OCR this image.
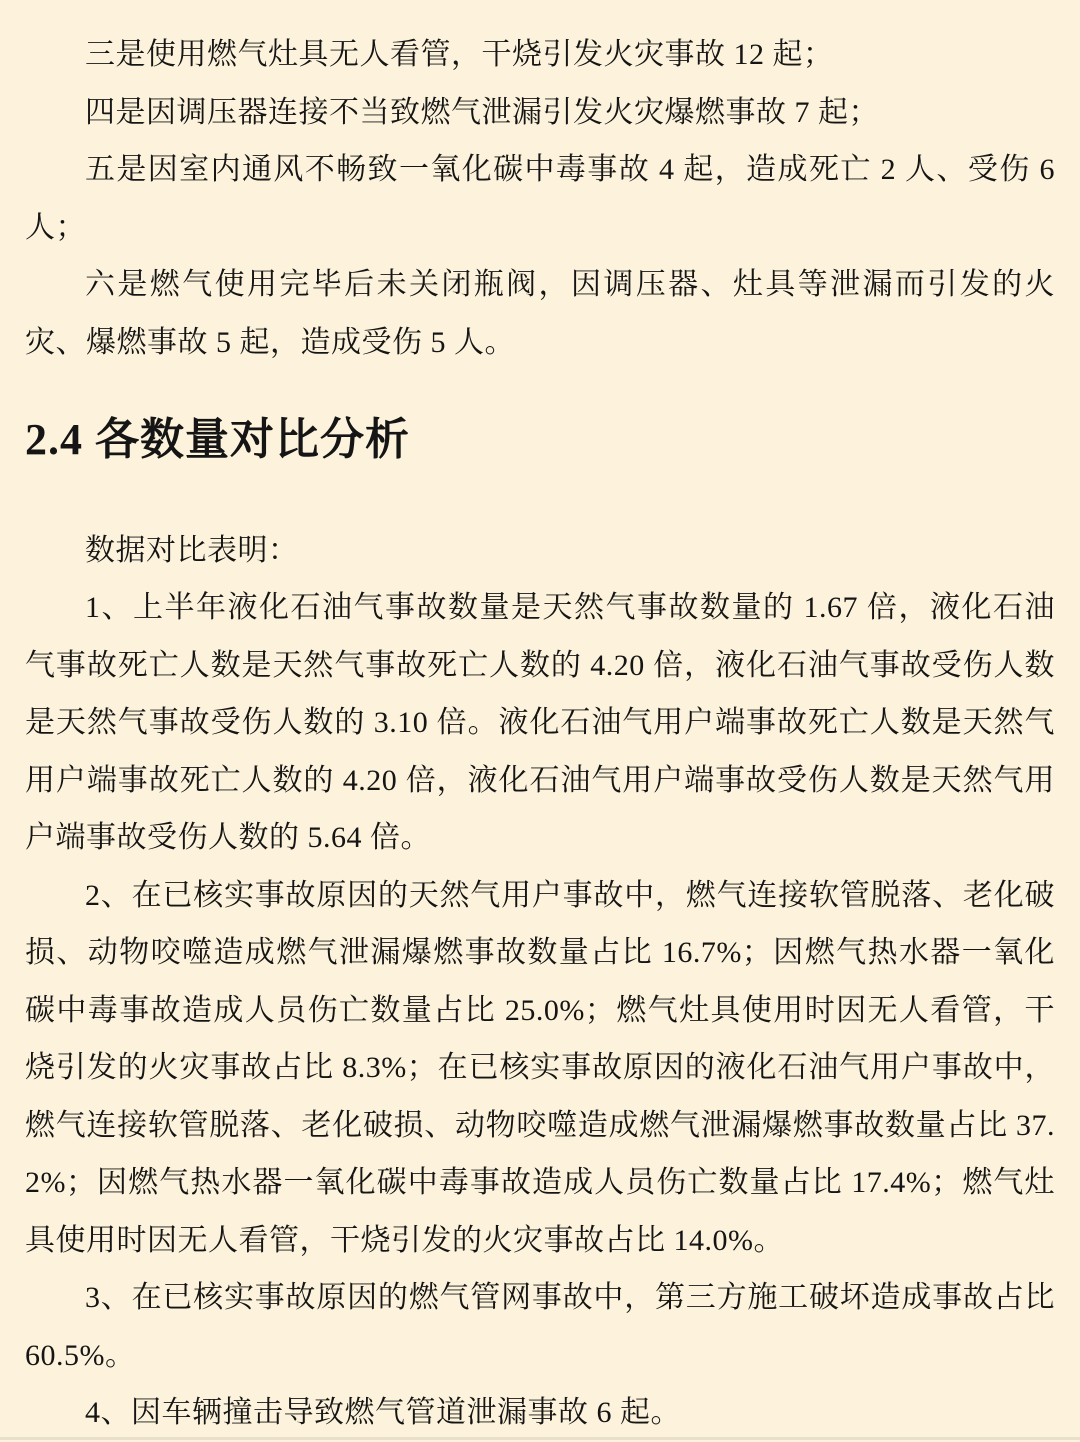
三是使用燃气灶具无人看管，干烧引发火灾事故 12 起；

四是因调压器连接不当致燃气泄漏引发火灾爆燃事故 7 起；

五是因室内通风不畅致一氧化碳中毒事故 4 起，造成死亡 2 人、受伤 6 人；

六是燃气使用完毕后未关闭瓶阀，因调压器、灶具等泄漏而引发的火灾、爆燃事故 5 起，造成受伤 5 人。

2.4 各数量对比分析

数据对比表明：

1、上半年液化石油气事故数量是天然气事故数量的 1.67 倍，液化石油气事故死亡人数是天然气事故死亡人数的 4.20 倍，液化石油气事故受伤人数是天然气事故受伤人数的 3.10 倍。液化石油气用户端事故死亡人数是天然气用户端事故死亡人数的 4.20 倍，液化石油气用户端事故受伤人数是天然气用户端事故受伤人数的 5.64 倍。

2、在已核实事故原因的天然气用户事故中，燃气连接软管脱落、老化破损、动物咬噬造成燃气泄漏爆燃事故数量占比 16.7%；因燃气热水器一氧化碳中毒事故造成人员伤亡数量占比 25.0%；燃气灶具使用时因无人看管，干烧引发的火灾事故占比 8.3%；在已核实事故原因的液化石油气用户事故中，燃气连接软管脱落、老化破损、动物咬噬造成燃气泄漏爆燃事故数量占比 37.2%；因燃气热水器一氧化碳中毒事故造成人员伤亡数量占比 17.4%；燃气灶具使用时因无人看管，干烧引发的火灾事故占比 14.0%。

3、在已核实事故原因的燃气管网事故中，第三方施工破坏造成事故占比 60.5%。

4、因车辆撞击导致燃气管道泄漏事故 6 起。
